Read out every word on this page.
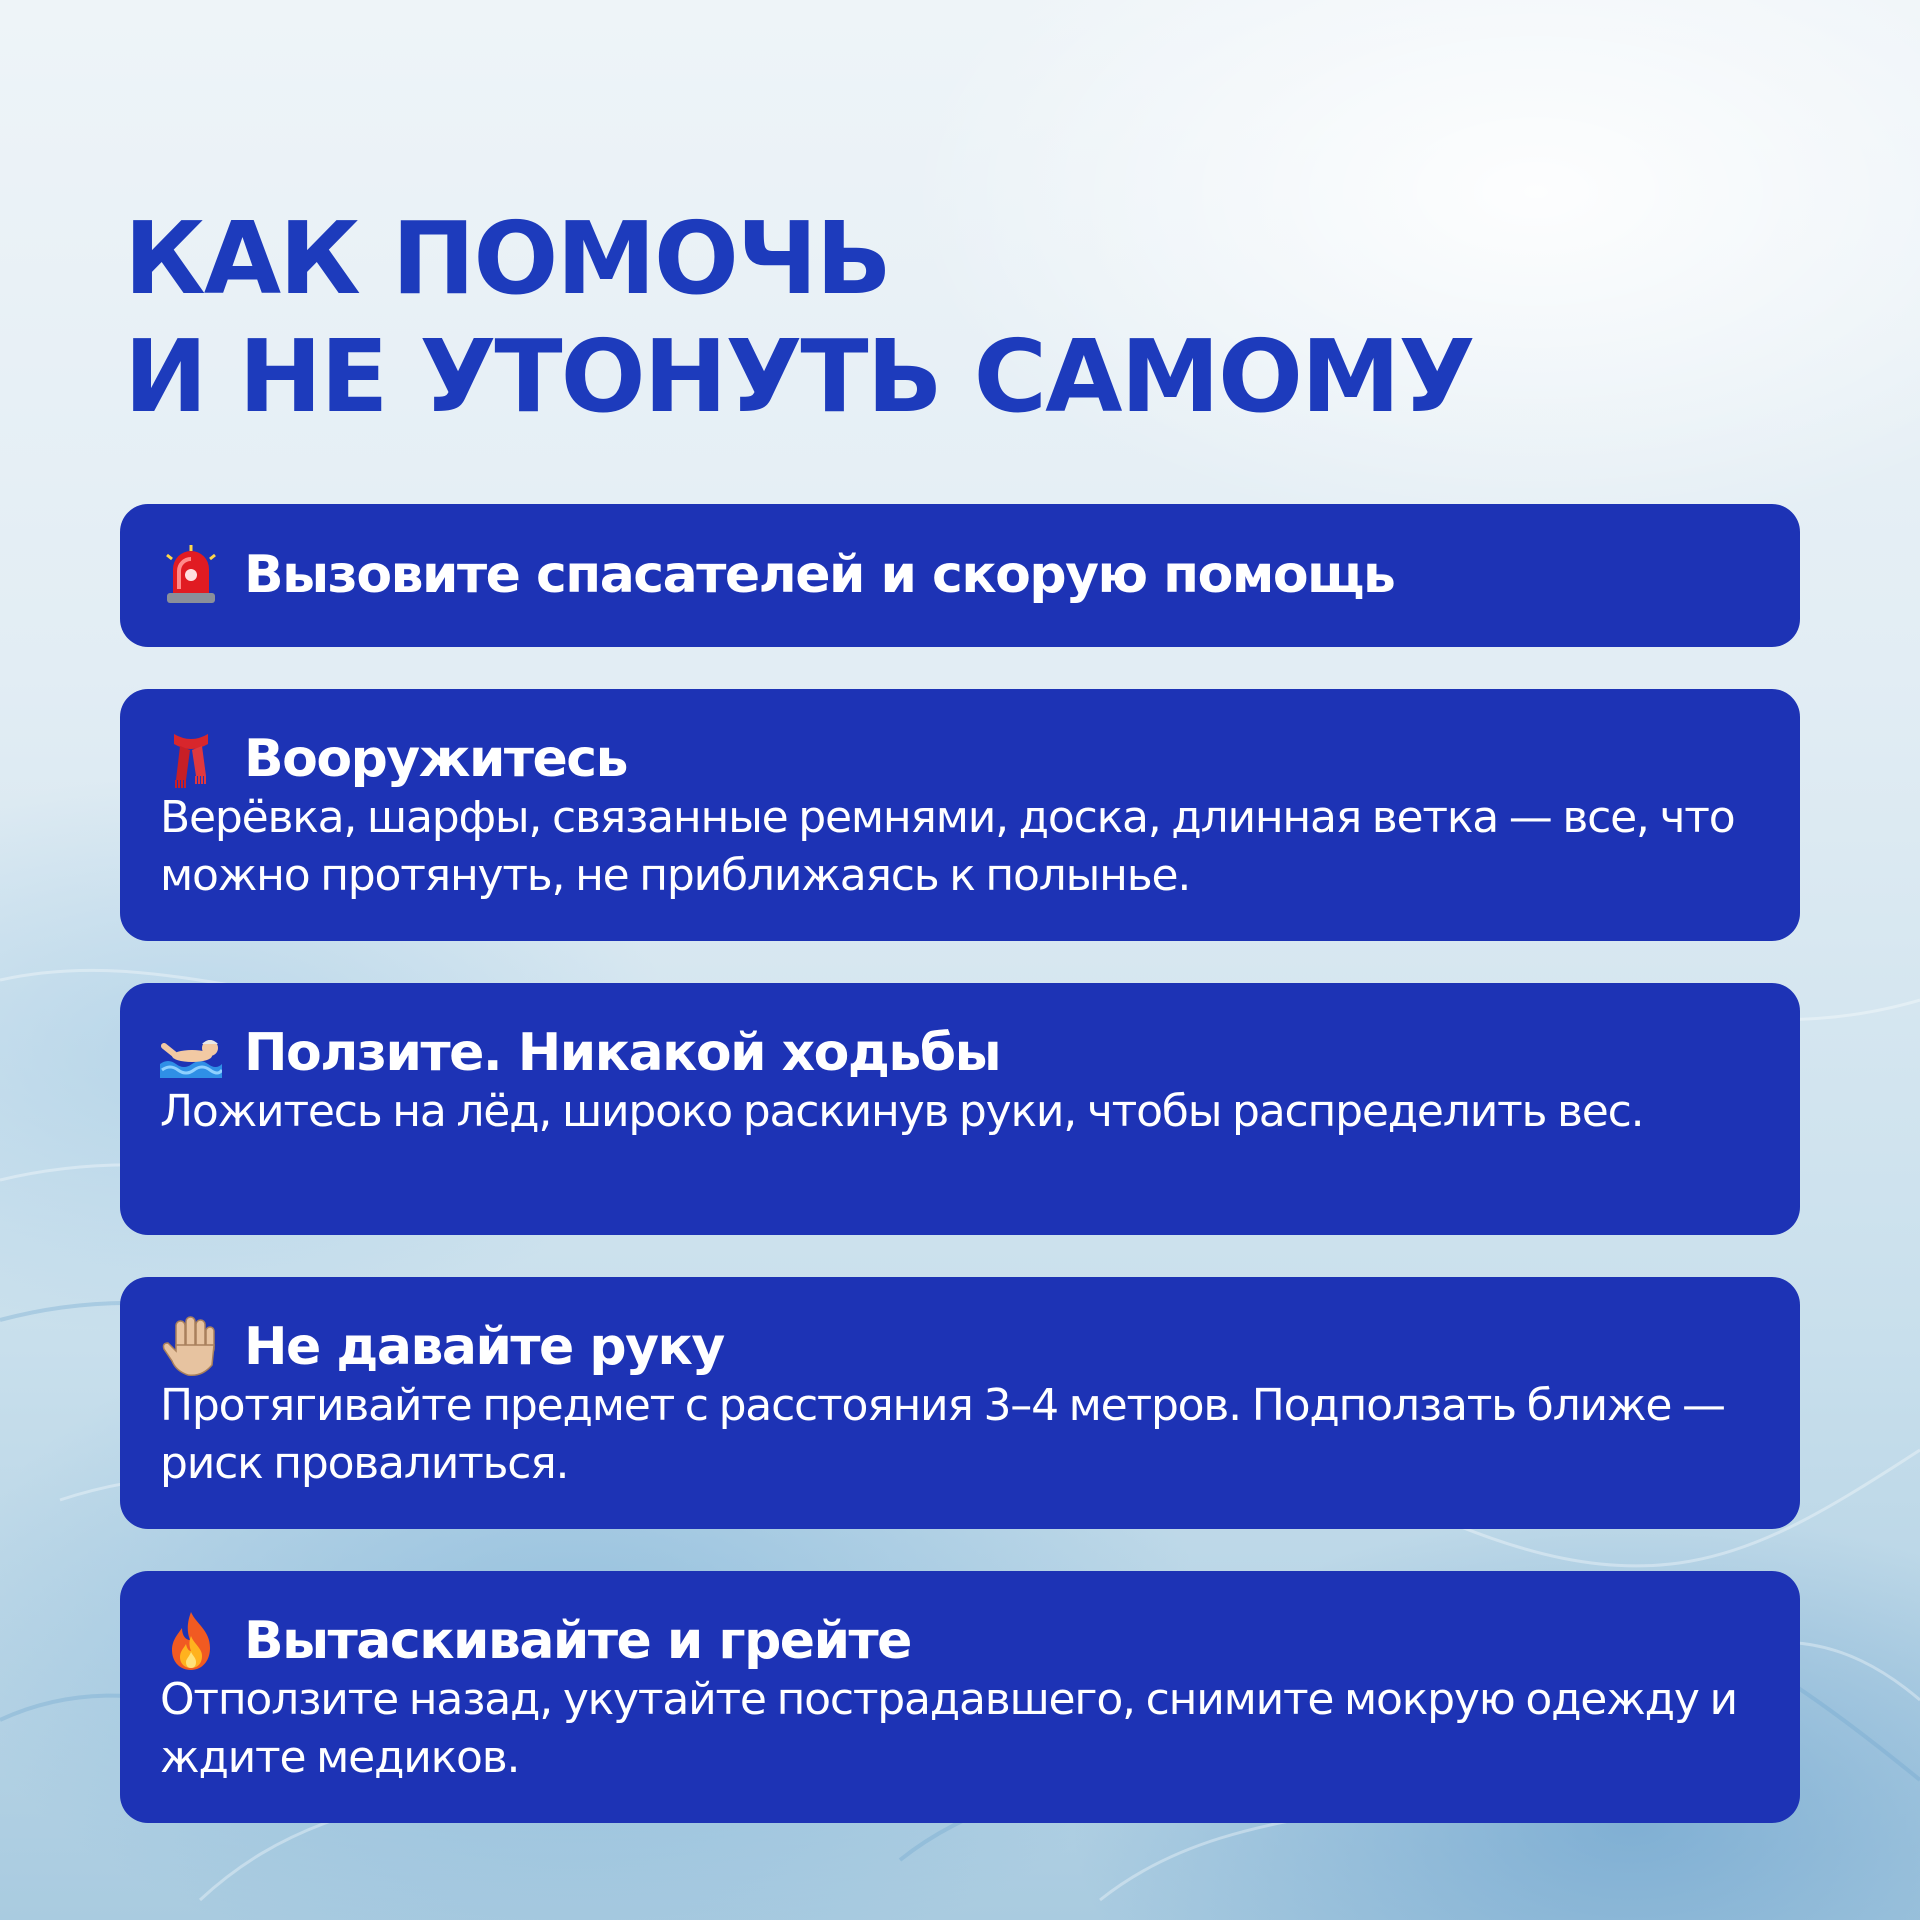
КАК ПОМОЧЬ
И НЕ УТОНУТЬ САМОМУ
Вызовите спасателей и скорую помощь
Вооружитесь
Верёвка, шарфы, связанные ремнями, доска, длинная ветка — все, что можно протянуть, не приближаясь к полынье.
Ползите. Никакой ходьбы
Ложитесь на лёд, широко раскинув руки, чтобы распределить вес.
Не давайте руку
Протягивайте предмет с расстояния 3–4 метров. Подползать ближе — риск провалиться.
Вытаскивайте и грейте
Отползите назад, укутайте пострадавшего, снимите мокрую одежду и ждите медиков.
